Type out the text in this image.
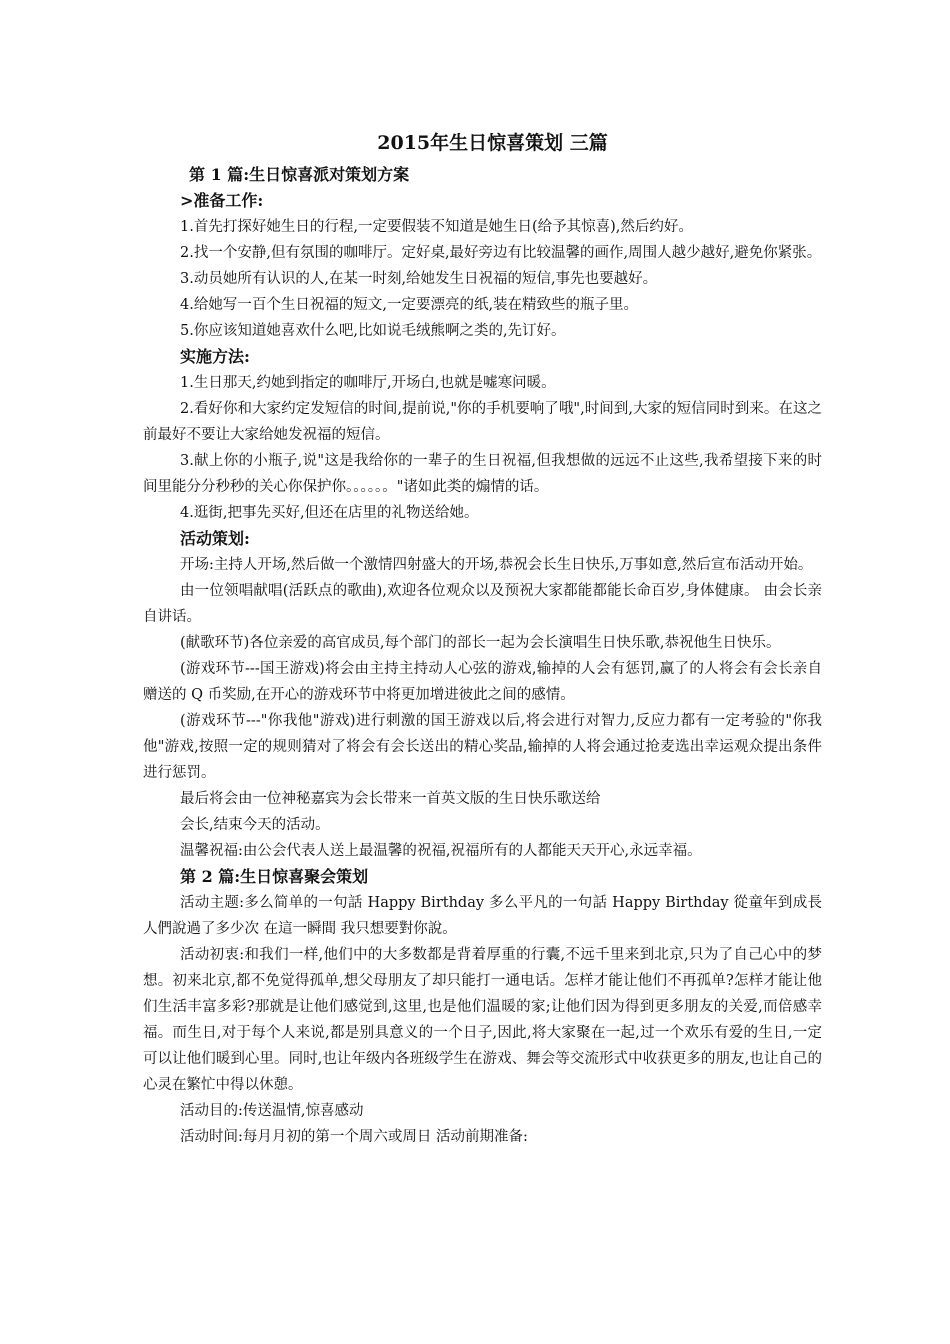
2015年生日惊喜策划 三篇
第 1 篇:生日惊喜派对策划方案
>准备工作:

1.首先打探好她生日的行程,一定要假装不知道是她生日(给予其惊喜),然后约好。

2.找一个安静,但有氛围的咖啡厅。定好桌,最好旁边有比较温馨的画作,周围人越少越好,避免你紧张。

3.动员她所有认识的人,在某一时刻,给她发生日祝福的短信,事先也要越好。

4.给她写一百个生日祝福的短文,一定要漂亮的纸,装在精致些的瓶子里。

5.你应该知道她喜欢什么吧,比如说毛绒熊啊之类的,先订好。

实施方法:

1.生日那天,约她到指定的咖啡厅,开场白,也就是嘘寒问暖。

2.看好你和大家约定发短信的时间,提前说,"你的手机要响了哦",时间到,大家的短信同时到来。在这之前最好不要让大家给她发祝福的短信。

3.献上你的小瓶子,说"这是我给你的一辈子的生日祝福,但我想做的远远不止这些,我希望接下来的时间里能分分秒秒的关心你保护你。。。。。。"诸如此类的煽情的话。

4.逛街,把事先买好,但还在店里的礼物送给她。

活动策划:

开场:主持人开场,然后做一个激情四射盛大的开场,恭祝会长生日快乐,万事如意,然后宣布活动开始。

由一位领唱献唱(活跃点的歌曲),欢迎各位观众以及预祝大家都能都能长命百岁,身体健康。 由会长亲自讲话。

(献歌环节)各位亲爱的高官成员,每个部门的部长一起为会长演唱生日快乐歌,恭祝他生日快乐。

(游戏环节---国王游戏)将会由主持主持动人心弦的游戏,输掉的人会有惩罚,赢了的人将会有会长亲自赠送的 Q 币奖励,在开心的游戏环节中将更加增进彼此之间的感情。

(游戏环节---"你我他"游戏)进行刺激的国王游戏以后,将会进行对智力,反应力都有一定考验的"你我他"游戏,按照一定的规则猜对了将会有会长送出的精心奖品,输掉的人将会通过抢麦选出幸运观众提出条件进行惩罚。

最后将会由一位神秘嘉宾为会长带来一首英文版的生日快乐歌送给

会长,结束今天的活动。

温馨祝福:由公会代表人送上最温馨的祝福,祝福所有的人都能天天开心,永远幸福。

第 2 篇:生日惊喜聚会策划

活动主题:多么简单的一句話 Happy Birthday 多么平凡的一句話 Happy Birthday 從童年到成長 人們說過了多少次 在這一瞬間 我只想要對你說。

活动初衷:和我们一样,他们中的大多数都是背着厚重的行囊,不远千里来到北京,只为了自己心中的梦想。初来北京,都不免觉得孤单,想父母朋友了却只能打一通电话。怎样才能让他们不再孤单?怎样才能让他们生活丰富多彩?那就是让他们感觉到,这里,也是他们温暖的家;让他们因为得到更多朋友的关爱,而倍感幸福。而生日,对于每个人来说,都是别具意义的一个日子,因此,将大家聚在一起,过一个欢乐有爱的生日,一定可以让他们暖到心里。同时,也让年级内各班级学生在游戏、舞会等交流形式中收获更多的朋友,也让自己的心灵在繁忙中得以休憩。

活动目的:传送温情,惊喜感动

活动时间:每月月初的第一个周六或周日 活动前期准备:
